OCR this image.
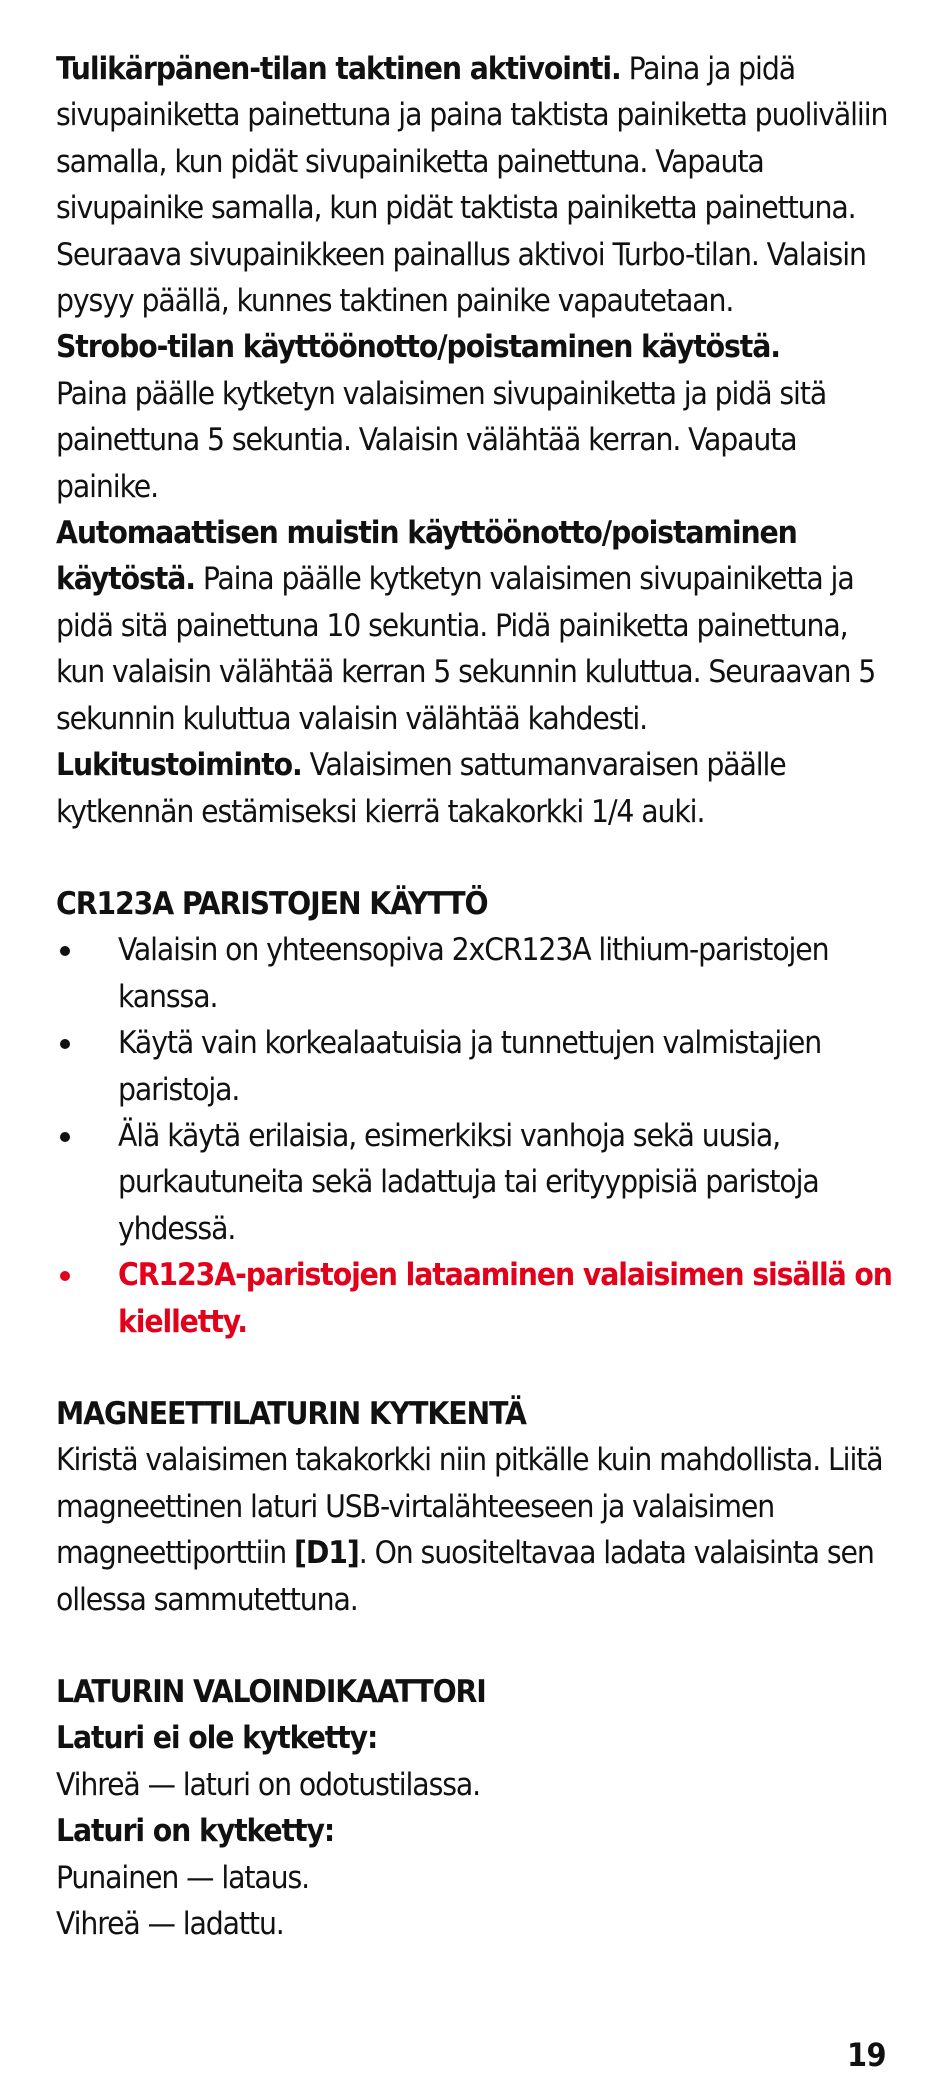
Tulikärpänen-tilan taktinen aktivointi. Paina ja pidä sivupainiketta painettuna ja paina taktista painiketta puoliväliin samalla, kun pidät sivupainiketta painettuna. Vapauta sivupainike samalla, kun pidät taktista painiketta painettuna. Seuraava sivupainikkeen painallus aktivoi Turbo-tilan. Valaisin pysyy päällä, kunnes taktinen painike vapautetaan.

Strobo-tilan käyttöönotto/poistaminen käytöstä.

Paina päälle kytketyn valaisimen sivupainiketta ja pidä sitä painettuna 5 sekuntia. Valaisin välähtää kerran. Vapauta painike.

Automaattisen muistin käyttöönotto/poistaminen käytöstä. Paina päälle kytketyn valaisimen sivupainiketta ja pidä sitä painettuna 10 sekuntia. Pidä painiketta painettuna, kun valaisin välähtää kerran 5 sekunnin kuluttua. Seuraavan 5 sekunnin kuluttua valaisin välähtää kahdesti.

Lukitustoiminto. Valaisimen sattumanvaraisen päälle kytkennän estämiseksi kierrä takakorkki 1/4 auki.

CR123A PARISTOJEN KÄYTTÖ

Valaisin on yhteensopiva 2xCR123A lithium-paristojen kanssa.
Käytä vain korkealaatuisia ja tunnettujen valmistajien paristoja.
Älä käytä erilaisia, esimerkiksi vanhoja sekä uusia, purkautuneita sekä ladattuja tai erityyppisiä paristoja yhdessä.
CR123A-paristojen lataaminen valaisimen sisällä on kielletty.

MAGNEETTILATURIN KYTKENTÄ

Kiristä valaisimen takakorkki niin pitkälle kuin mahdollista. Liitä magneettinen laturi USB-virtalähteeseen ja valaisimen magneettiporttiin [D1]. On suositeltavaa ladata valaisinta sen ollessa sammutettuna.

LATURIN VALOINDIKAATTORI

Laturi ei ole kytketty:

Vihreä — laturi on odotustilassa.

Laturi on kytketty:

Punainen — lataus.

Vihreä — ladattu.

19
